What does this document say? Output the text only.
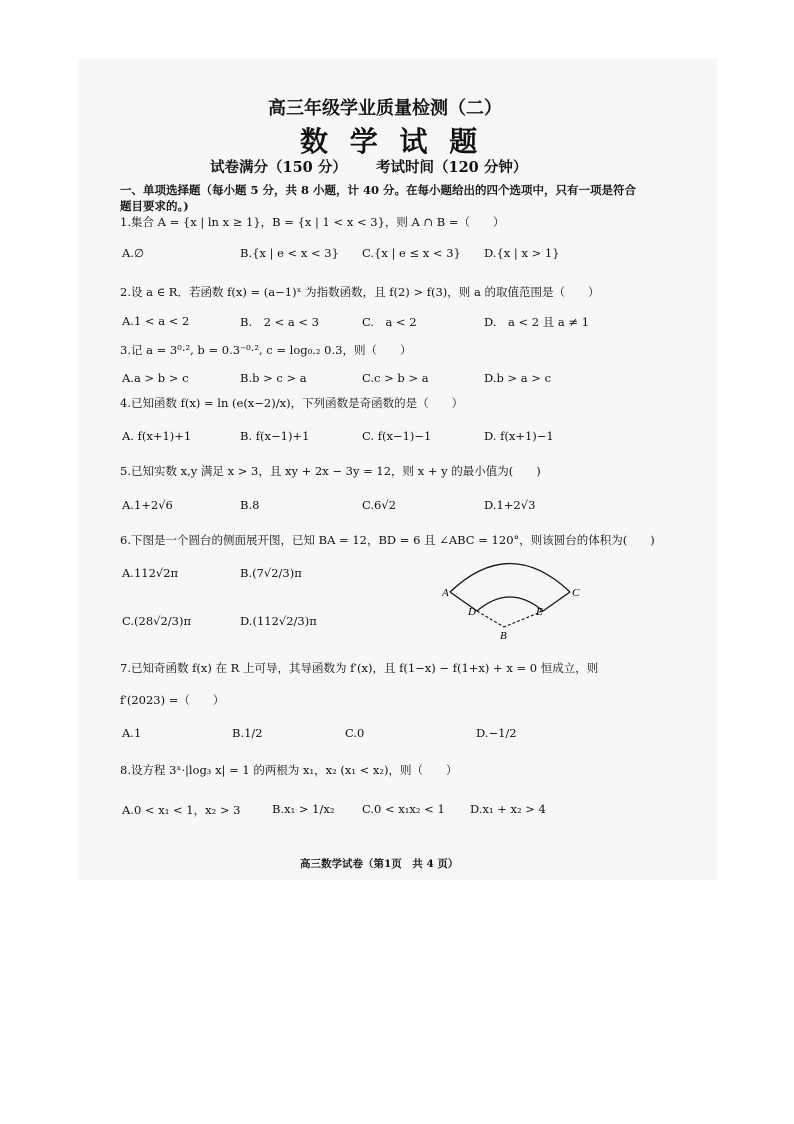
高三年级学业质量检测（二）
数 学 试 题
试卷满分（150 分） 考试时间（120 分钟）
一、单项选择题（每小题 5 分，共 8 小题，计 40 分。在每小题给出的四个选项中，只有一项是符合
题目要求的。)
1.集合 A = {x | ln x ≥ 1}，B = {x | 1 < x < 3}，则 A ∩ B =（　　）
A.∅	B.{x | e < x < 3} C.{x | e ≤ x < 3} D.{x | x > 1}
2.设 a ∈ R．若函数 f(x) = (a−1)ˣ 为指数函数，且 f(2) > f(3)，则 a 的取值范围是（　　）
A.1 < a < 2	B.　2 < a < 3	C.　a < 2	D.　a < 2 且 a ≠ 1
3.记 a = 3⁰·², b = 0.3⁻⁰·², c = log₀.₂ 0.3，则（　　）
A.a > b > c	B.b > c > a	C.c > b > a	D.b > a > c
4.已知函数 f(x) = ln (e(x−2)/x)，下列函数是奇函数的是（　　）
A. f(x+1)+1	B. f(x−1)+1	C. f(x−1)−1	D. f(x+1)−1
5.已知实数 x,y 满足 x > 3，且 xy + 2x − 3y = 12，则 x + y 的最小值为(　　)
A.1+2√6	B.8	C.6√2	D.1+2√3
6.下图是一个圆台的侧面展开图，已知 BA = 12，BD = 6 且 ∠ABC = 120°，则该圆台的体积为(　　)
A.112√2π	B.(7√2/3)π
C.(28√2/3)π	D.(112√2/3)π
A
D	E
C
B
7.已知奇函数 f(x) 在 R 上可导，其导函数为 f′(x)，且 f(1−x) − f(1+x) + x = 0 恒成立，则
f′(2023) =（　　）
A.1	B.1/2	C.0	D.−1/2
8.设方程 3ˣ·|log₃ x| = 1 的两根为 x₁，x₂ (x₁ < x₂)，则（　　）
A.0 < x₁ < 1，x₂ > 3	B.x₁ > 1/x₂ C.0 < x₁x₂ < 1 D.x₁ + x₂ > 4
高三数学试卷（第1页　共 4 页）
